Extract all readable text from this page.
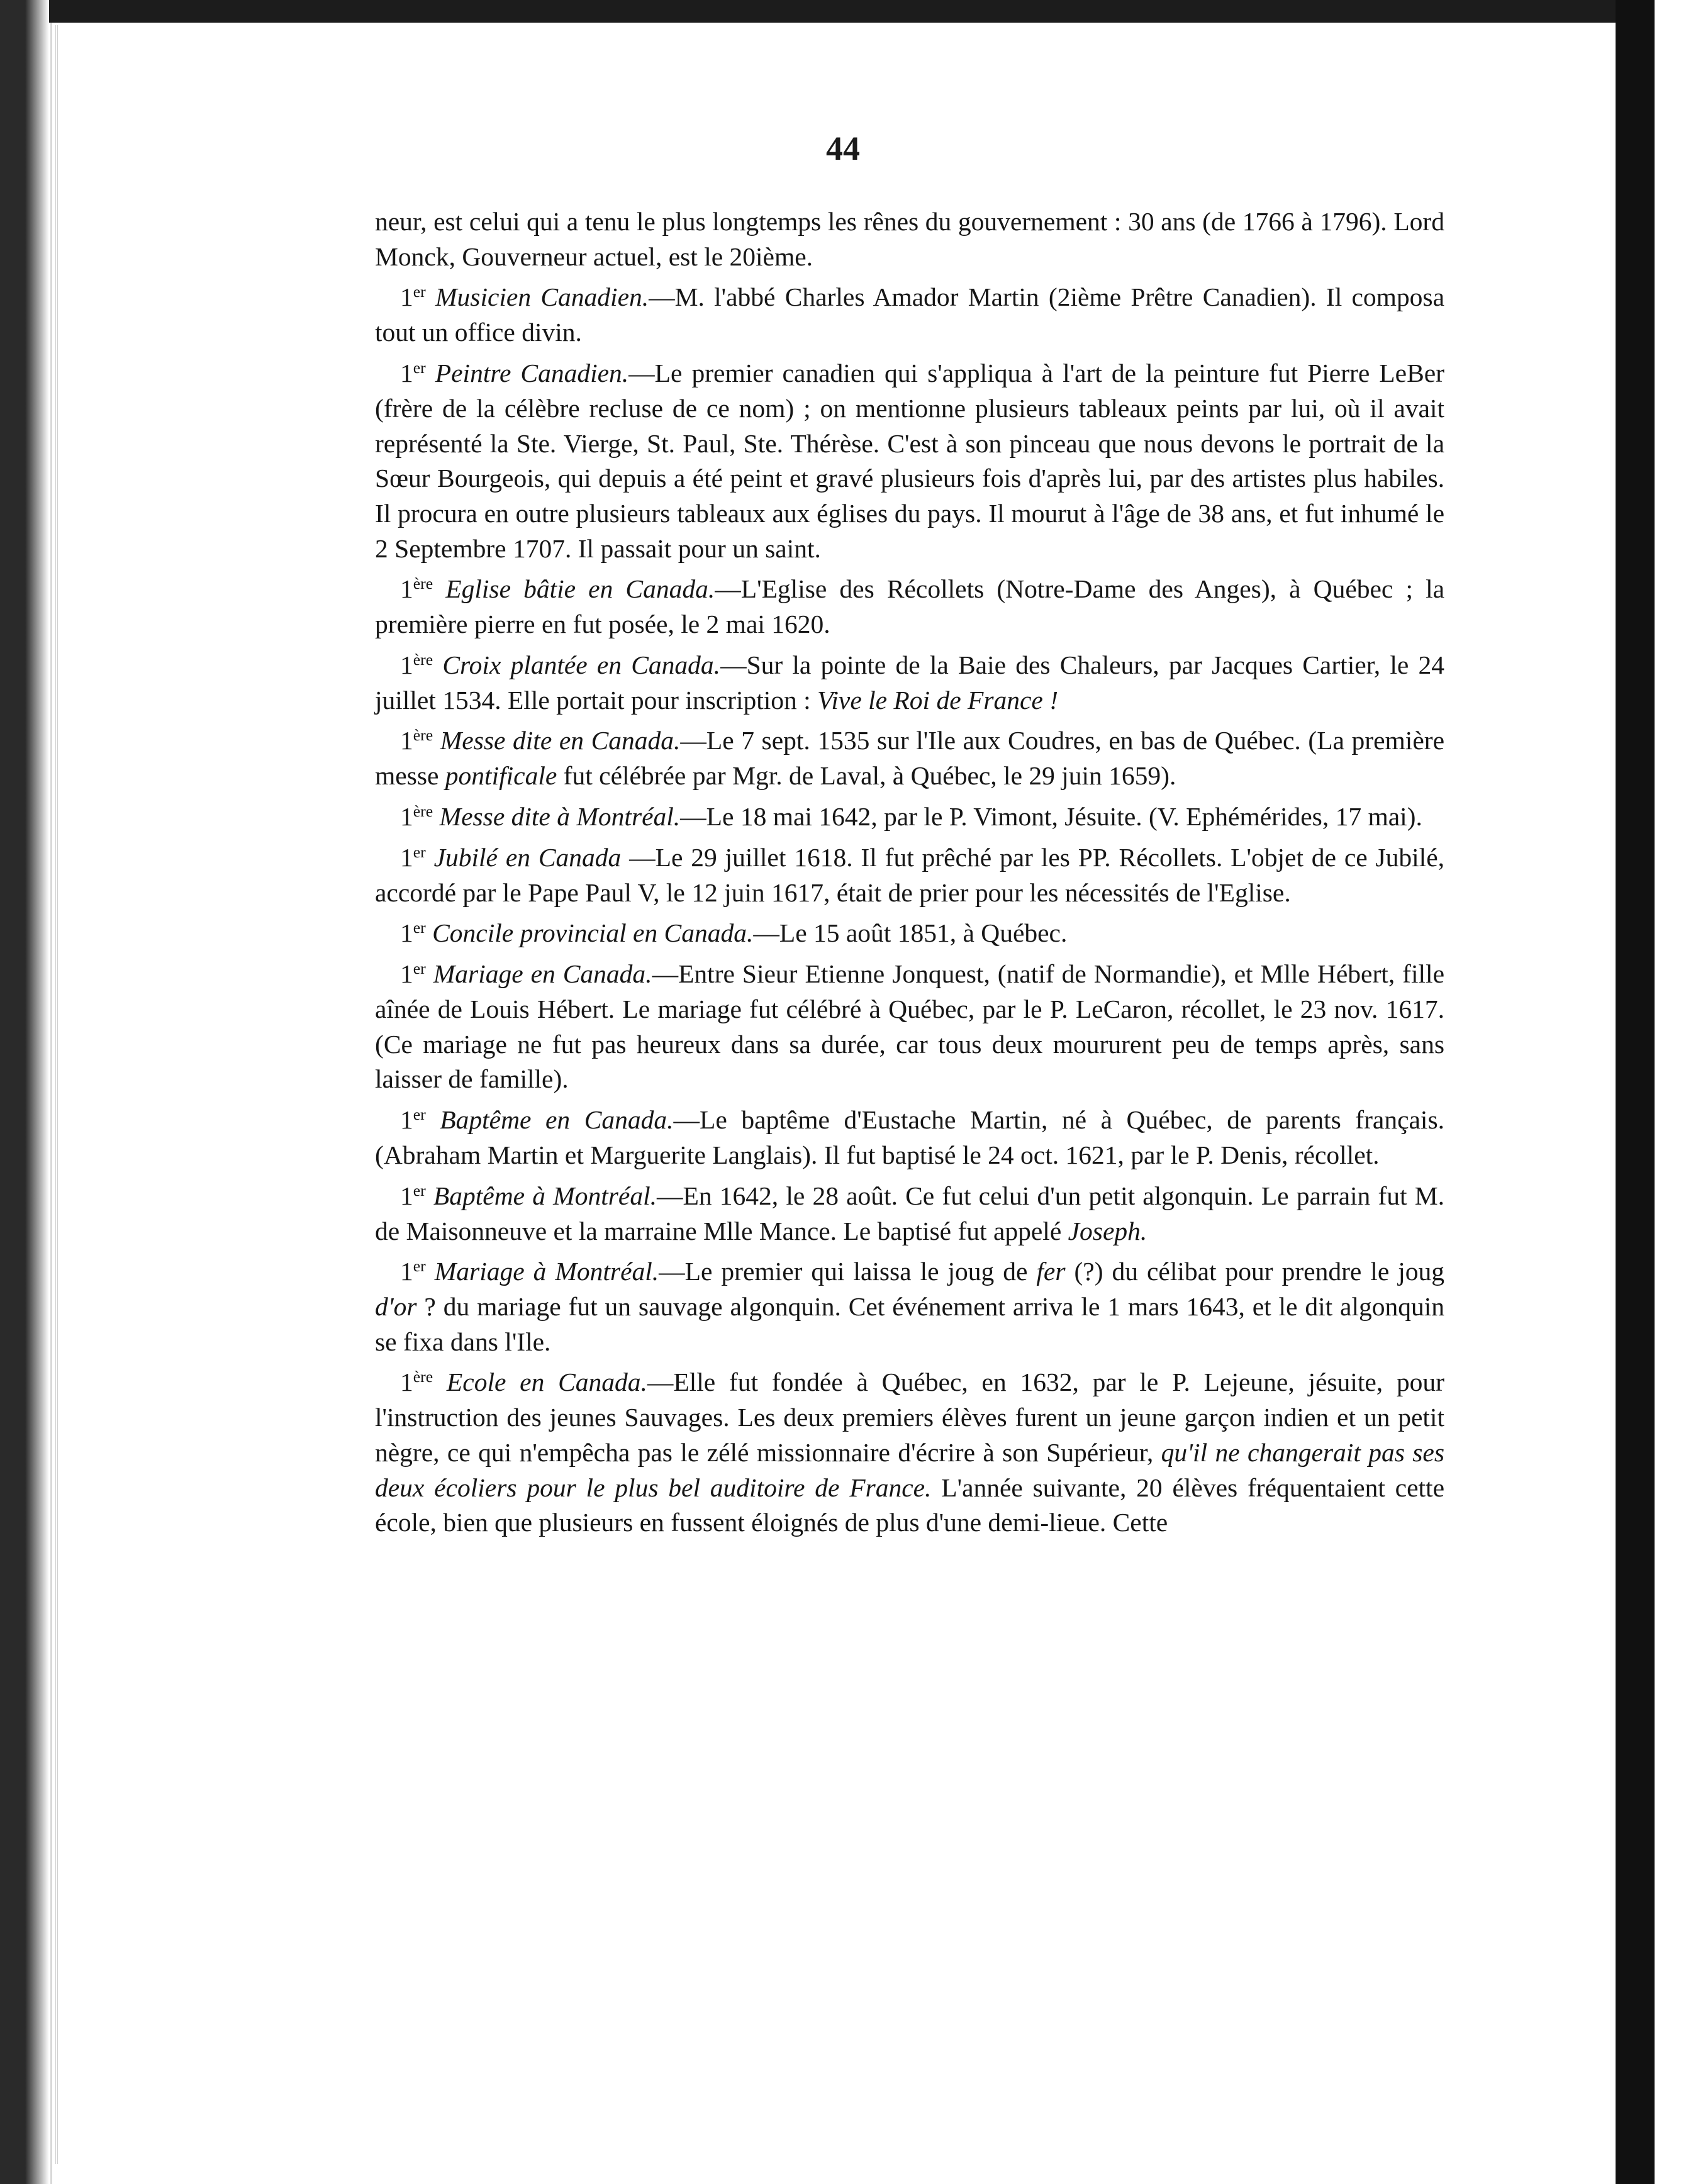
44

neur, est celui qui a tenu le plus longtemps les rênes du gouvernement : 30 ans (de 1766 à 1796). Lord Monck, Gouverneur actuel, est le 20ième.

1er Musicien Canadien.—M. l'abbé Charles Amador Martin (2ième Prêtre Canadien). Il composa tout un office divin.

1er Peintre Canadien.—Le premier canadien qui s'appliqua à l'art de la peinture fut Pierre LeBer (frère de la célèbre recluse de ce nom) ; on mentionne plusieurs tableaux peints par lui, où il avait représenté la Ste. Vierge, St. Paul, Ste. Thérèse. C'est à son pinceau que nous devons le portrait de la Sœur Bourgeois, qui depuis a été peint et gravé plusieurs fois d'après lui, par des artistes plus habiles. Il procura en outre plusieurs tableaux aux églises du pays. Il mourut à l'âge de 38 ans, et fut inhumé le 2 Septembre 1707. Il passait pour un saint.

1ère Eglise bâtie en Canada.—L'Eglise des Récollets (Notre-Dame des Anges), à Québec ; la première pierre en fut posée, le 2 mai 1620.

1ère Croix plantée en Canada.—Sur la pointe de la Baie des Chaleurs, par Jacques Cartier, le 24 juillet 1534. Elle portait pour inscription : Vive le Roi de France !

1ère Messe dite en Canada.—Le 7 sept. 1535 sur l'Ile aux Coudres, en bas de Québec. (La première messe pontificale fut célébrée par Mgr. de Laval, à Québec, le 29 juin 1659).

1ère Messe dite à Montréal.—Le 18 mai 1642, par le P. Vimont, Jésuite. (V. Ephémérides, 17 mai).

1er Jubilé en Canada —Le 29 juillet 1618. Il fut prêché par les PP. Récollets. L'objet de ce Jubilé, accordé par le Pape Paul V, le 12 juin 1617, était de prier pour les nécessités de l'Eglise.

1er Concile provincial en Canada.—Le 15 août 1851, à Québec.

1er Mariage en Canada.—Entre Sieur Etienne Jonquest, (natif de Normandie), et Mlle Hébert, fille aînée de Louis Hébert. Le mariage fut célébré à Québec, par le P. LeCaron, récollet, le 23 nov. 1617. (Ce mariage ne fut pas heureux dans sa durée, car tous deux moururent peu de temps après, sans laisser de famille).

1er Baptême en Canada.—Le baptême d'Eustache Martin, né à Québec, de parents français. (Abraham Martin et Marguerite Langlais). Il fut baptisé le 24 oct. 1621, par le P. Denis, récollet.

1er Baptême à Montréal.—En 1642, le 28 août. Ce fut celui d'un petit algonquin. Le parrain fut M. de Maisonneuve et la marraine Mlle Mance. Le baptisé fut appelé Joseph.

1er Mariage à Montréal.—Le premier qui laissa le joug de fer (?) du célibat pour prendre le joug d'or ? du mariage fut un sauvage algonquin. Cet événement arriva le 1 mars 1643, et le dit algonquin se fixa dans l'Ile.

1ère Ecole en Canada.—Elle fut fondée à Québec, en 1632, par le P. Lejeune, jésuite, pour l'instruction des jeunes Sauvages. Les deux premiers élèves furent un jeune garçon indien et un petit nègre, ce qui n'empêcha pas le zélé missionnaire d'écrire à son Supérieur, qu'il ne changerait pas ses deux écoliers pour le plus bel auditoire de France. L'année suivante, 20 élèves fréquentaient cette école, bien que plusieurs en fussent éloignés de plus d'une demi-lieue. Cette
